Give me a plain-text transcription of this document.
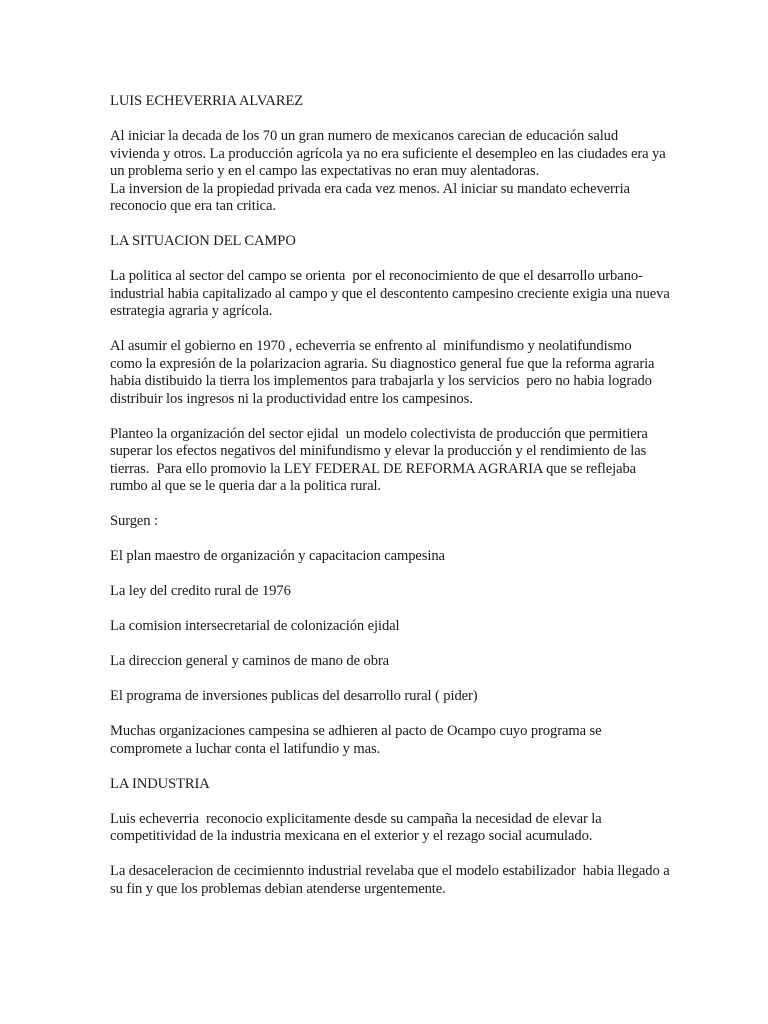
LUIS ECHEVERRIA ALVAREZ

Al iniciar la decada de los 70 un gran numero de mexicanos carecian de educación salud vivienda y otros. La producción agrícola ya no era suficiente el desempleo en las ciudades era ya un problema serio y en el campo las expectativas no eran muy alentadoras.

La inversion de la propiedad privada era cada vez menos. Al iniciar su mandato echeverria reconocio que era tan critica.

LA SITUACION DEL CAMPO

La politica al sector del campo se orienta  por el reconocimiento de que el desarrollo urbano-industrial habia capitalizado al campo y que el descontento campesino creciente exigia una nueva estrategia agraria y agrícola.

Al asumir el gobierno en 1970 , echeverria se enfrento al  minifundismo y neolatifundismo  como la expresión de la polarizacion agraria. Su diagnostico general fue que la reforma agraria habia distibuido la tierra los implementos para trabajarla y los servicios  pero no habia logrado distribuir los ingresos ni la productividad entre los campesinos.

Planteo la organización del sector ejidal  un modelo colectivista de producción que permitiera superar los efectos negativos del minifundismo y elevar la producción y el rendimiento de las tierras.  Para ello promovio la LEY FEDERAL DE REFORMA AGRARIA que se reflejaba rumbo al que se le queria dar a la politica rural.

Surgen :

El plan maestro de organización y capacitacion campesina

La ley del credito rural de 1976

La comision intersecretarial de colonización ejidal

La direccion general y caminos de mano de obra

El programa de inversiones publicas del desarrollo rural ( pider)

Muchas organizaciones campesina se adhieren al pacto de Ocampo cuyo programa se compromete a luchar conta el latifundio y mas.

LA INDUSTRIA

Luis echeverria  reconocio explicitamente desde su campaña la necesidad de elevar la competitividad de la industria mexicana en el exterior y el rezago social acumulado.

La desaceleracion de cecimiennto industrial revelaba que el modelo estabilizador  habia llegado a su fin y que los problemas debian atenderse urgentemente.
